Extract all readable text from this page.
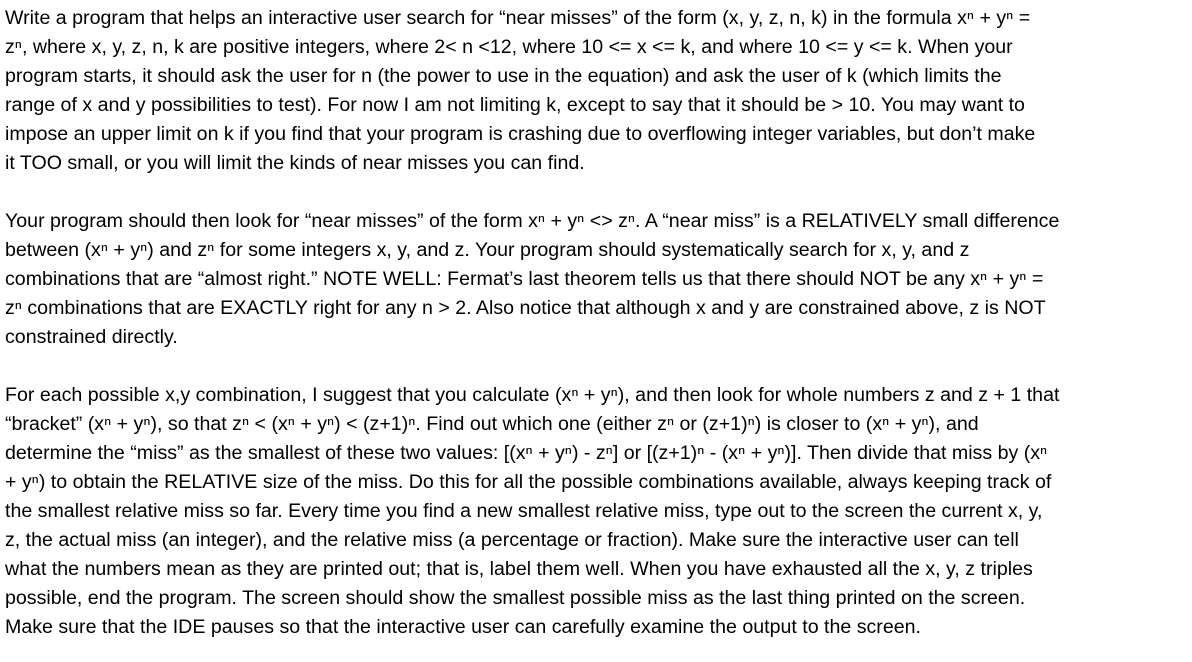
Write a program that helps an interactive user search for “near misses” of the form (x, y, z, n, k) in the formula xⁿ + yⁿ =
zⁿ, where x, y, z, n, k are positive integers, where 2< n <12, where 10 <= x <= k, and where 10 <= y <= k. When your
program starts, it should ask the user for n (the power to use in the equation) and ask the user of k (which limits the
range of x and y possibilities to test). For now I am not limiting k, except to say that it should be > 10. You may want to
impose an upper limit on k if you find that your program is crashing due to overflowing integer variables, but don’t make
it TOO small, or you will limit the kinds of near misses you can find.
Your program should then look for “near misses” of the form xⁿ + yⁿ <> zⁿ. A “near miss” is a RELATIVELY small difference
between (xⁿ + yⁿ) and zⁿ for some integers x, y, and z. Your program should systematically search for x, y, and z
combinations that are “almost right.” NOTE WELL: Fermat’s last theorem tells us that there should NOT be any xⁿ + yⁿ =
zⁿ combinations that are EXACTLY right for any n > 2. Also notice that although x and y are constrained above, z is NOT
constrained directly.
For each possible x,y combination, I suggest that you calculate (xⁿ + yⁿ), and then look for whole numbers z and z + 1 that
“bracket” (xⁿ + yⁿ), so that zⁿ < (xⁿ + yⁿ) < (z+1)ⁿ. Find out which one (either zⁿ or (z+1)ⁿ) is closer to (xⁿ + yⁿ), and
determine the “miss” as the smallest of these two values: [(xⁿ + yⁿ) - zⁿ] or [(z+1)ⁿ - (xⁿ + yⁿ)]. Then divide that miss by (xⁿ
+ yⁿ) to obtain the RELATIVE size of the miss. Do this for all the possible combinations available, always keeping track of
the smallest relative miss so far. Every time you find a new smallest relative miss, type out to the screen the current x, y,
z, the actual miss (an integer), and the relative miss (a percentage or fraction). Make sure the interactive user can tell
what the numbers mean as they are printed out; that is, label them well. When you have exhausted all the x, y, z triples
possible, end the program. The screen should show the smallest possible miss as the last thing printed on the screen.
Make sure that the IDE pauses so that the interactive user can carefully examine the output to the screen.
